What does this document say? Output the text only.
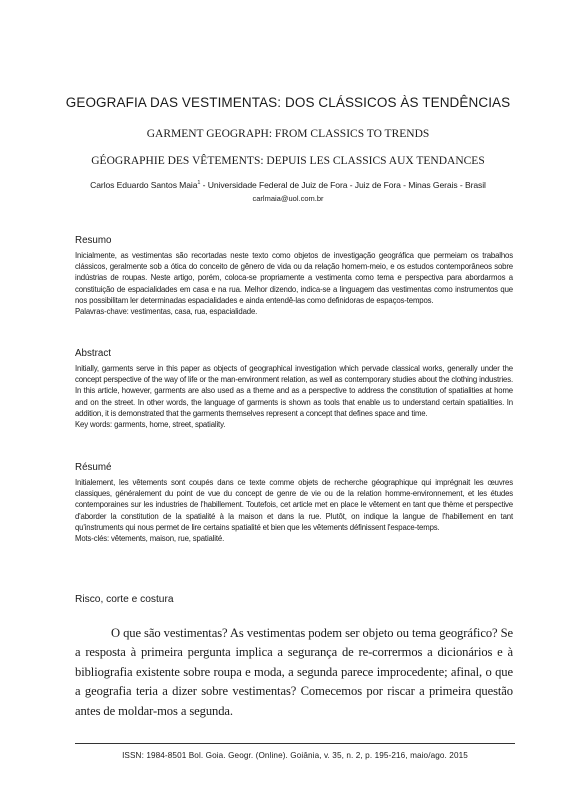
GEOGRAFIA DAS VESTIMENTAS: DOS CLÁSSICOS ÀS TENDÊNCIAS
GARMENT GEOGRAPH: FROM CLASSICS TO TRENDS
GÉOGRAPHIE DES VÊTEMENTS: DEPUIS LES CLASSICS AUX TENDANCES
Carlos Eduardo Santos Maia$^1$ - Universidade Federal de Juiz de Fora - Juiz de Fora - Minas Gerais - Brasil
carlmaia@uol.com.br
Resumo

Inicialmente, as vestimentas são recortadas neste texto como objetos de investigação geográfica que permeiam os trabalhos clássicos, geralmente sob a ótica do conceito de gênero de vida ou da relação homem-meio, e os estudos contemporâneos sobre indústrias de roupas. Neste artigo, porém, coloca-se propriamente a vestimenta como tema e perspectiva para abordarmos a constituição de espacialidades em casa e na rua. Melhor dizendo, indica-se a linguagem das vestimentas como instrumentos que nos possibilitam ler determinadas espacialidades e ainda entendê-las como definidoras de espaços-tempos.

Palavras-chave: vestimentas, casa, rua, espacialidade.

Abstract

Initially, garments serve in this paper as objects of geographical investigation which pervade classical works, generally under the concept perspective of the way of life or the man-environment relation, as well as contemporary studies about the clothing industries. In this article, however, garments are also used as a theme and as a perspective to address the constitution of spatialities at home and on the street. In other words, the language of garments is shown as tools that enable us to understand certain spatialities. In addition, it is demonstrated that the garments themselves represent a concept that defines space and time.

Key words: garments, home, street, spatiality.

Résumé

Initialement, les vêtements sont coupés dans ce texte comme objets de recherche géographique qui imprégnait les œuvres classiques, généralement du point de vue du concept de genre de vie ou de la relation homme-environnement, et les études contemporaines sur les industries de l'habillement. Toutefois, cet article met en place le vêtement en tant que thème et perspective d'aborder la constitution de la spatialité à la maison et dans la rue. Plutôt, on indique la langue de l'habillement en tant qu'instruments qui nous permet de lire certains spatialité et bien que les vêtements définissent l'espace-temps.

Mots-clés: vêtements, maison, rue, spatialité.

Risco, corte e costura

O que são vestimentas? As vestimentas podem ser objeto ou tema geográfico? Se a resposta à primeira pergunta implica a segurança de re-corrermos a dicionários e à bibliografia existente sobre roupa e moda, a segunda parece improcedente; afinal, o que a geografia teria a dizer sobre vestimentas? Comecemos por riscar a primeira questão antes de moldar-mos a segunda.

ISSN: 1984-8501 Bol. Goia. Geogr. (Online). Goiânia, v. 35, n. 2, p. 195-216, maio/ago. 2015
